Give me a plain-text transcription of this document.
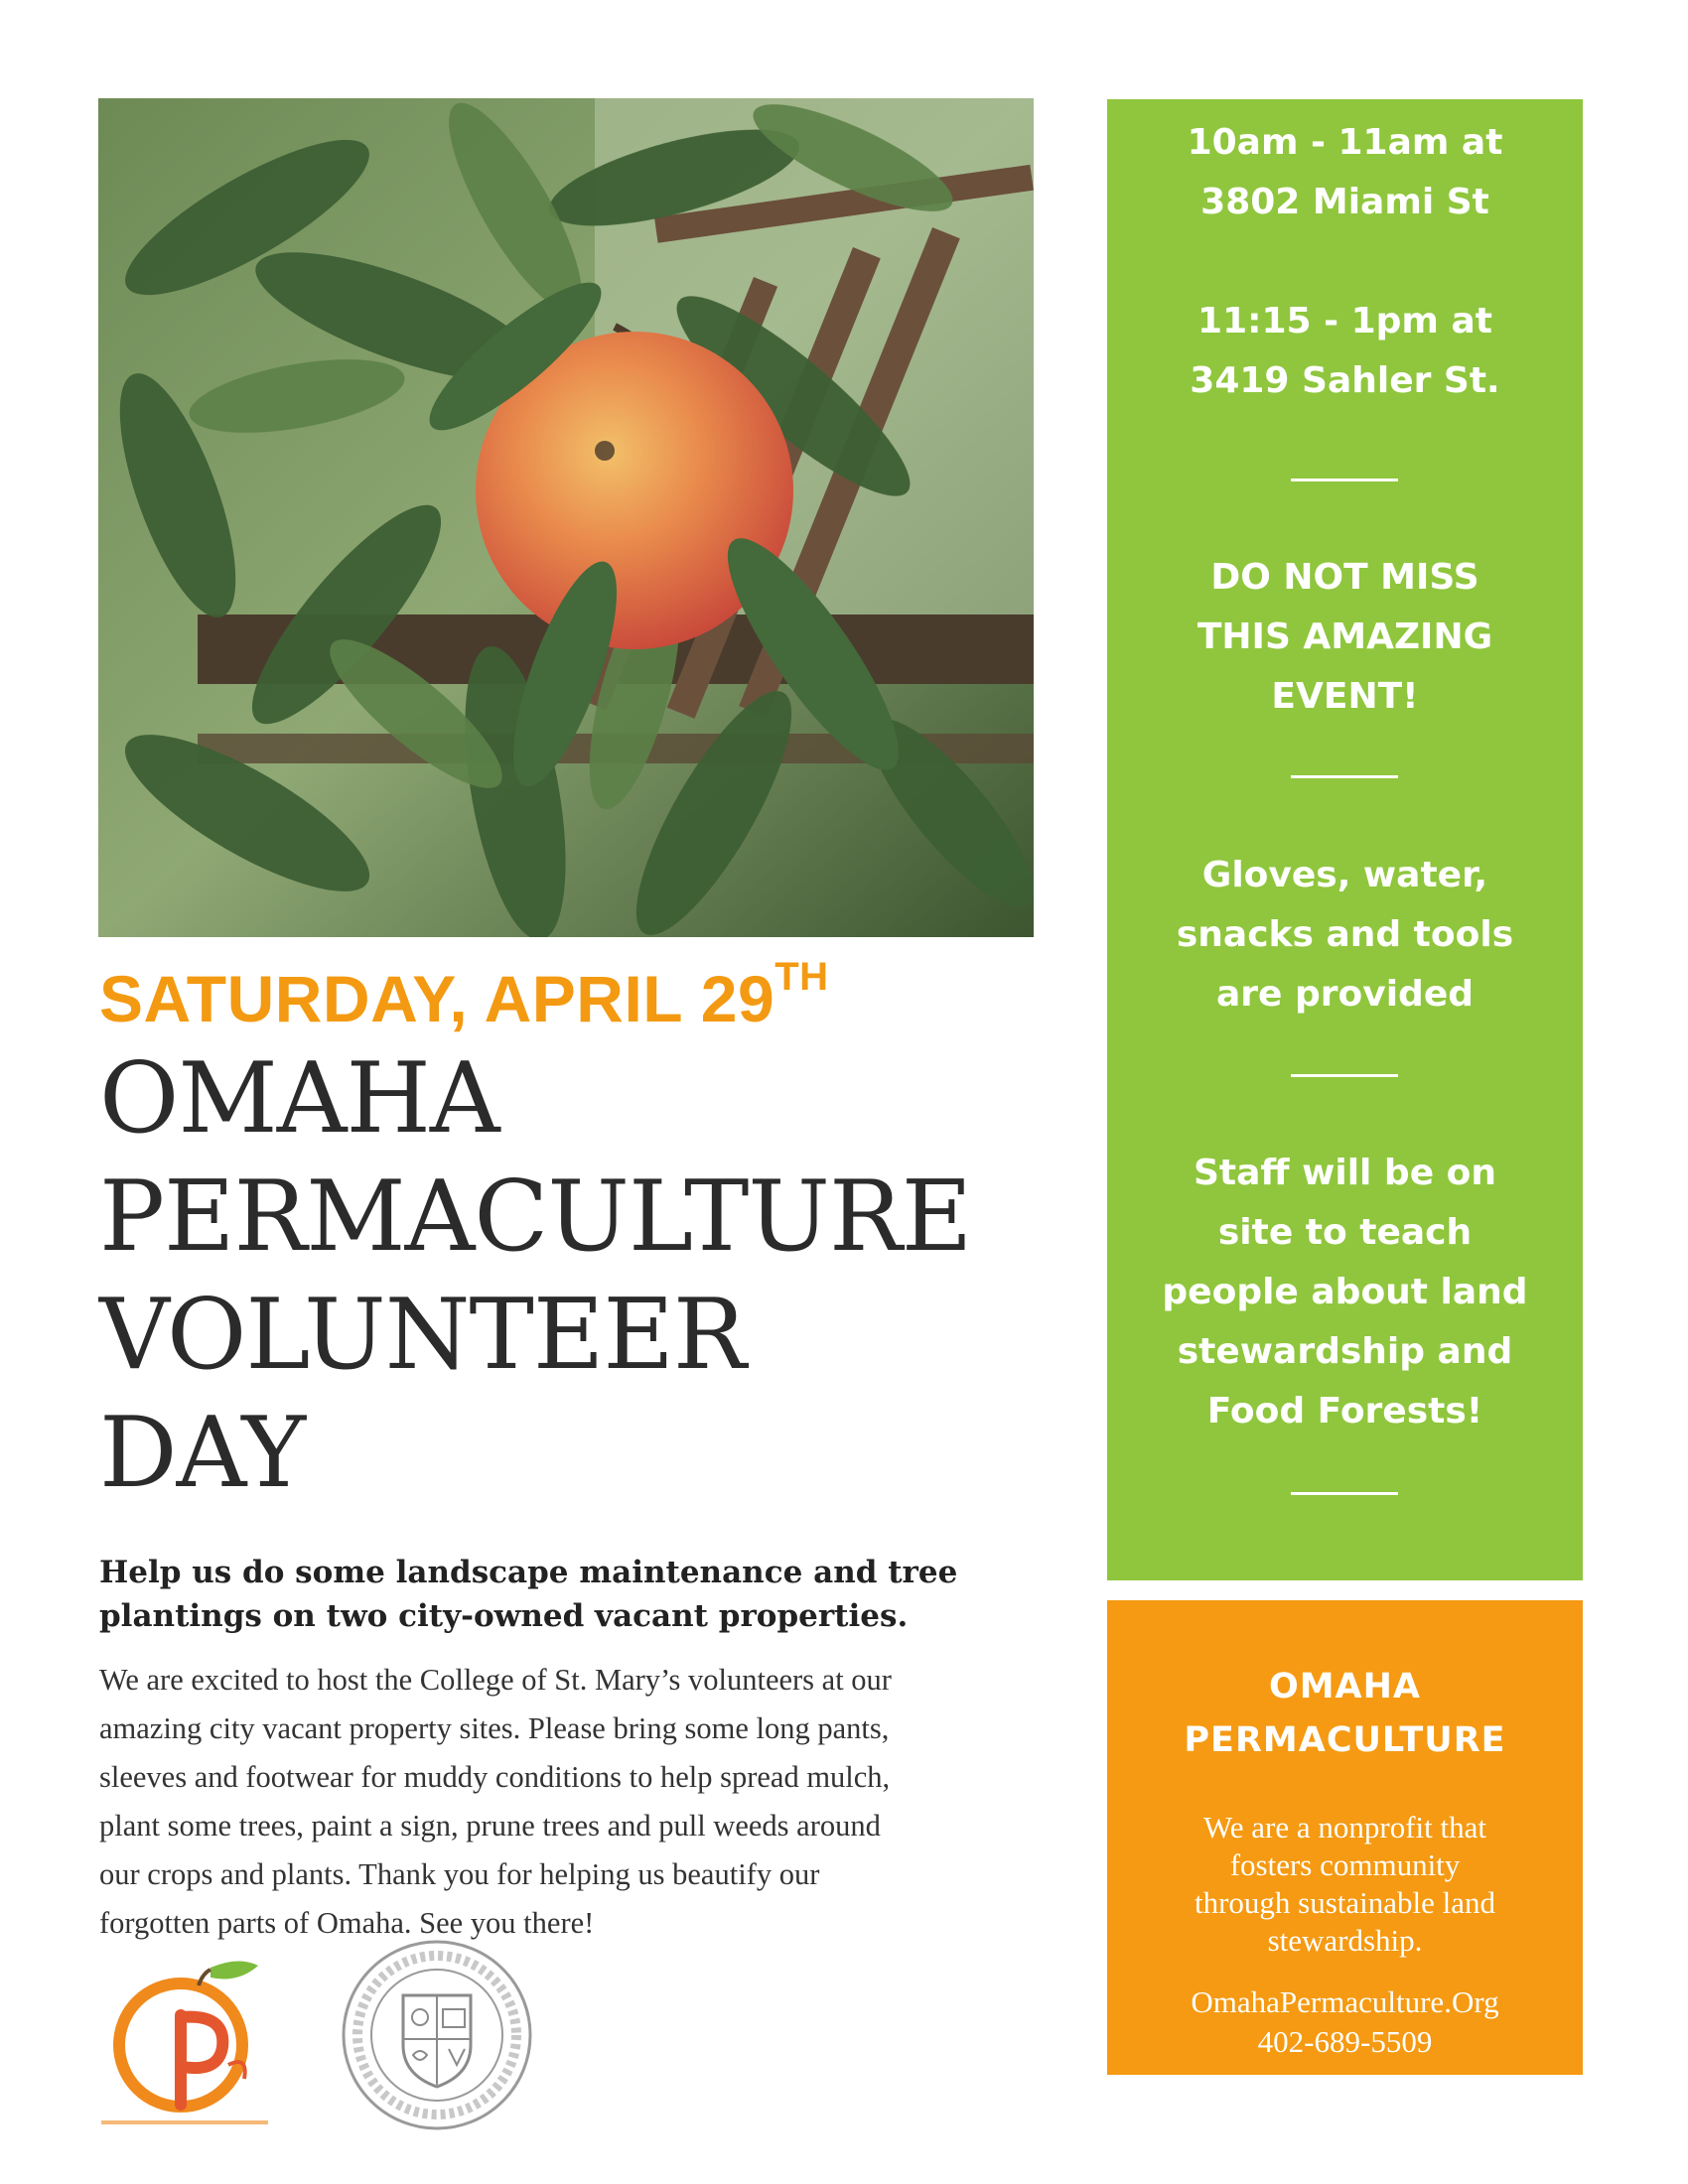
SATURDAY, APRIL 29TH
OMAHA
PERMACULTURE
VOLUNTEER
DAY

Help us do some landscape maintenance and tree plantings on two city-owned vacant properties.

We are excited to host the College of St. Mary’s volunteers at our
amazing city vacant property sites. Please bring some long pants,
sleeves and footwear for muddy conditions to help spread mulch,
plant some trees, paint a sign, prune trees and pull weeds around
our crops and plants. Thank you for helping us beautify our
forgotten parts of Omaha. See you there!
10am - 11am at
3802 Miami St
11:15 - 1pm at
3419 Sahler St.
DO NOT MISS
THIS AMAZING
EVENT!
Gloves, water,
snacks and tools
are provided
Staff will be on
site to teach
people about land
stewardship and
Food Forests!
OMAHA
PERMACULTURE

We are a nonprofit that
fosters community
through sustainable land
stewardship.

OmahaPermaculture.Org
402-689-5509
